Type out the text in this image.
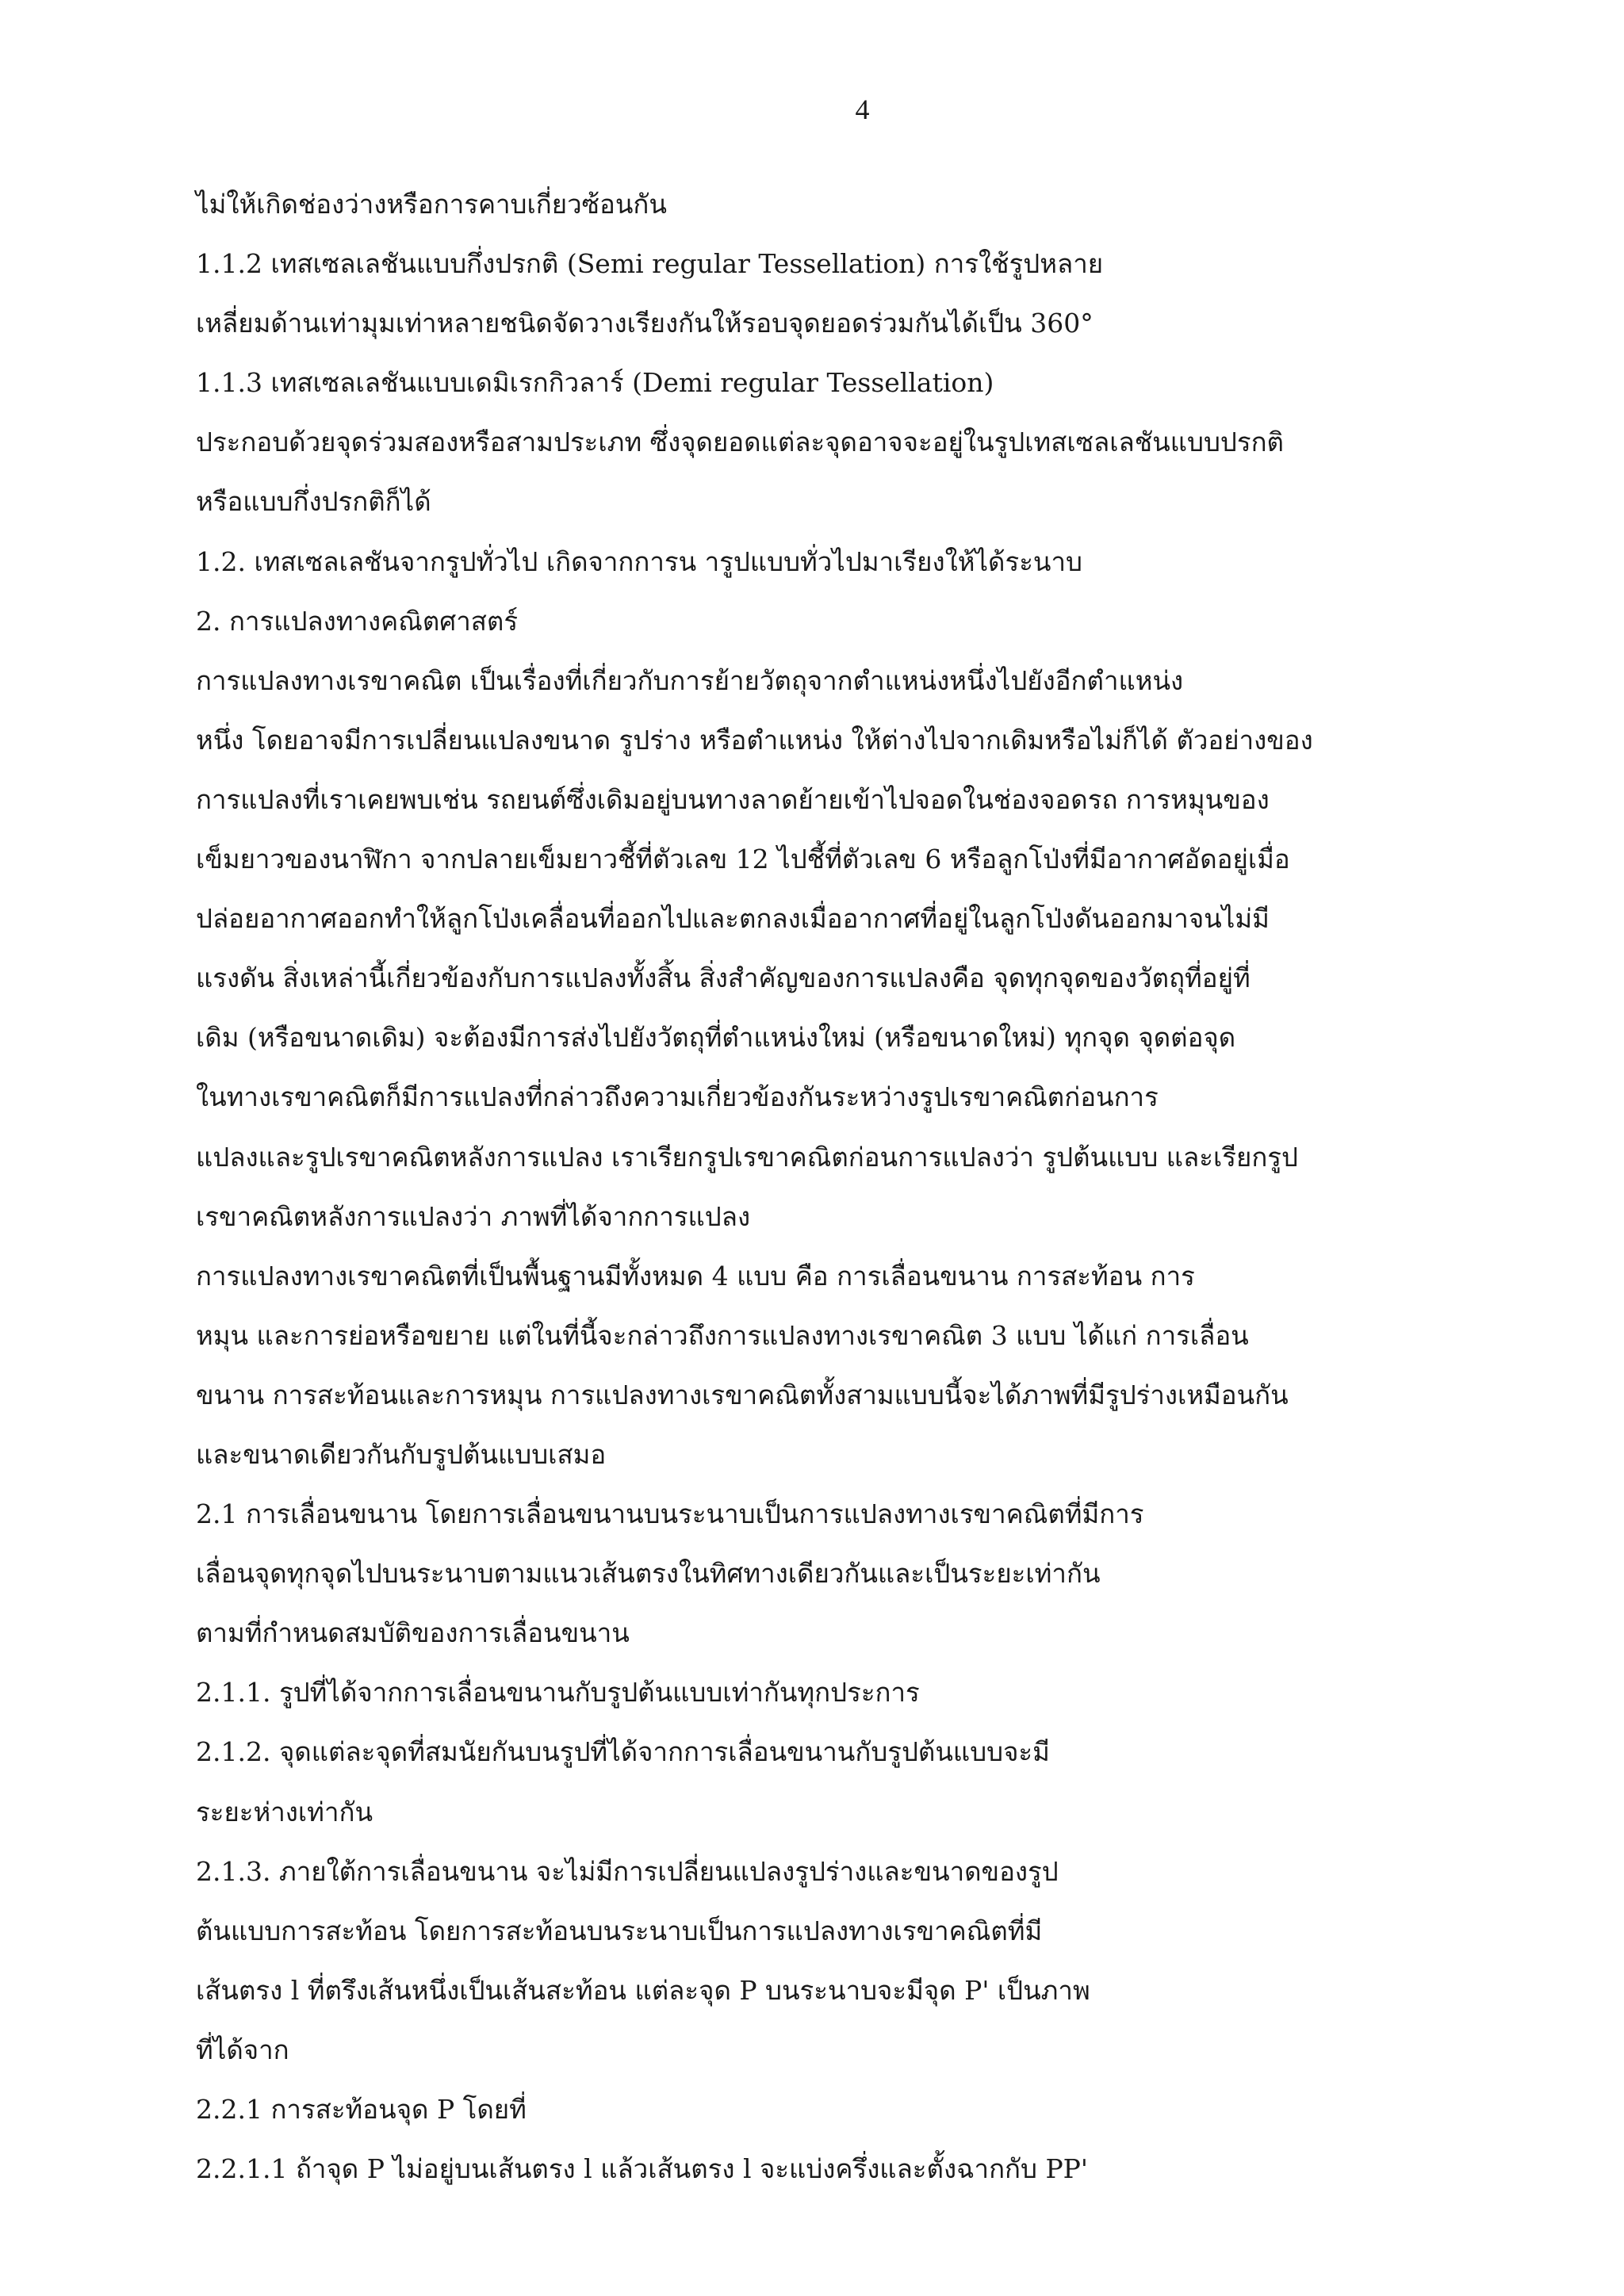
4
ไม่ให้เกิดช่องว่างหรือการคาบเกี่ยวซ้อนกัน
1.1.2 เทสเซลเลชันแบบกึ่งปรกติ (Semi regular Tessellation) การใช้รูปหลาย
เหลี่ยมด้านเท่ามุมเท่าหลายชนิดจัดวางเรียงกันให้รอบจุดยอดร่วมกันได้เป็น 360°
1.1.3 เทสเซลเลชันแบบเดมิเรกกิวลาร์ (Demi regular Tessellation)
ประกอบด้วยจุดร่วมสองหรือสามประเภท ซึ่งจุดยอดแต่ละจุดอาจจะอยู่ในรูปเทสเซลเลชันแบบปรกติ
หรือแบบกึ่งปรกติก็ได้
1.2. เทสเซลเลชันจากรูปทั่วไป เกิดจากการน ารูปแบบทั่วไปมาเรียงให้ได้ระนาบ
2. การแปลงทางคณิตศาสตร์
การแปลงทางเรขาคณิต เป็นเรื่องที่เกี่ยวกับการย้ายวัตถุจากตำแหน่งหนึ่งไปยังอีกตำแหน่ง
หนึ่ง โดยอาจมีการเปลี่ยนแปลงขนาด รูปร่าง หรือตำแหน่ง ให้ต่างไปจากเดิมหรือไม่ก็ได้ ตัวอย่างของ
การแปลงที่เราเคยพบเช่น รถยนต์ซึ่งเดิมอยู่บนทางลาดย้ายเข้าไปจอดในช่องจอดรถ การหมุนของ
เข็มยาวของนาฬิกา จากปลายเข็มยาวชี้ที่ตัวเลข 12 ไปชี้ที่ตัวเลข 6 หรือลูกโป่งที่มีอากาศอัดอยู่เมื่อ
ปล่อยอากาศออกทำให้ลูกโป่งเคลื่อนที่ออกไปและตกลงเมื่ออากาศที่อยู่ในลูกโป่งดันออกมาจนไม่มี
แรงดัน สิ่งเหล่านี้เกี่ยวข้องกับการแปลงทั้งสิ้น สิ่งสำคัญของการแปลงคือ จุดทุกจุดของวัตถุที่อยู่ที่
เดิม (หรือขนาดเดิม) จะต้องมีการส่งไปยังวัตถุที่ตำแหน่งใหม่ (หรือขนาดใหม่) ทุกจุด จุดต่อจุด
ในทางเรขาคณิตก็มีการแปลงที่กล่าวถึงความเกี่ยวข้องกันระหว่างรูปเรขาคณิตก่อนการ
แปลงและรูปเรขาคณิตหลังการแปลง เราเรียกรูปเรขาคณิตก่อนการแปลงว่า รูปต้นแบบ และเรียกรูป
เรขาคณิตหลังการแปลงว่า ภาพที่ได้จากการแปลง
การแปลงทางเรขาคณิตที่เป็นพื้นฐานมีทั้งหมด 4 แบบ คือ การเลื่อนขนาน การสะท้อน การ
หมุน และการย่อหรือขยาย แต่ในที่นี้จะกล่าวถึงการแปลงทางเรขาคณิต 3 แบบ ได้แก่ การเลื่อน
ขนาน การสะท้อนและการหมุน การแปลงทางเรขาคณิตทั้งสามแบบนี้จะได้ภาพที่มีรูปร่างเหมือนกัน
และขนาดเดียวกันกับรูปต้นแบบเสมอ
2.1 การเลื่อนขนาน โดยการเลื่อนขนานบนระนาบเป็นการแปลงทางเรขาคณิตที่มีการ
เลื่อนจุดทุกจุดไปบนระนาบตามแนวเส้นตรงในทิศทางเดียวกันและเป็นระยะเท่ากัน
ตามที่กำหนดสมบัติของการเลื่อนขนาน
2.1.1. รูปที่ได้จากการเลื่อนขนานกับรูปต้นแบบเท่ากันทุกประการ
2.1.2. จุดแต่ละจุดที่สมนัยกันบนรูปที่ได้จากการเลื่อนขนานกับรูปต้นแบบจะมี
ระยะห่างเท่ากัน
2.1.3. ภายใต้การเลื่อนขนาน จะไม่มีการเปลี่ยนแปลงรูปร่างและขนาดของรูป
ต้นแบบการสะท้อน โดยการสะท้อนบนระนาบเป็นการแปลงทางเรขาคณิตที่มี
เส้นตรง l ที่ตรึงเส้นหนึ่งเป็นเส้นสะท้อน แต่ละจุด P บนระนาบจะมีจุด P' เป็นภาพ
ที่ได้จาก
2.2.1 การสะท้อนจุด P โดยที่
2.2.1.1 ถ้าจุด P ไม่อยู่บนเส้นตรง l แล้วเส้นตรง l จะแบ่งครึ่งและตั้งฉากกับ PP'
